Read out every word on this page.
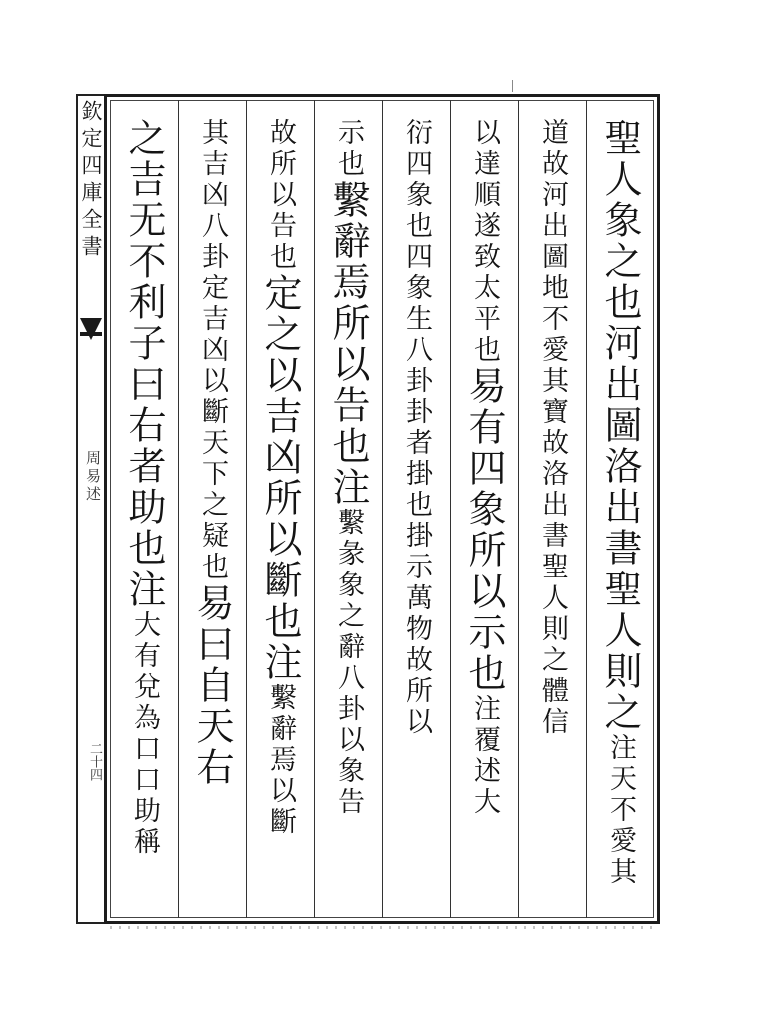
欽定四庫全書
周易述
二十四
聖人象之也河出圖洛出書聖人則之注天不愛其
道故河出圖地不愛其寶故洛出書聖人則之體信
以達順遂致太平也易有四象所以示也注覆述大
衍四象也四象生八卦卦者掛也掛示萬物故所以
示也繫辭焉所以告也注繫彖象之辭八卦以象告
故所以告也定之以吉凶所以斷也注繫辭焉以斷
其吉凶八卦定吉凶以斷天下之疑也易曰自天右
之吉无不利子曰右者助也注大有兌為口口助稱
